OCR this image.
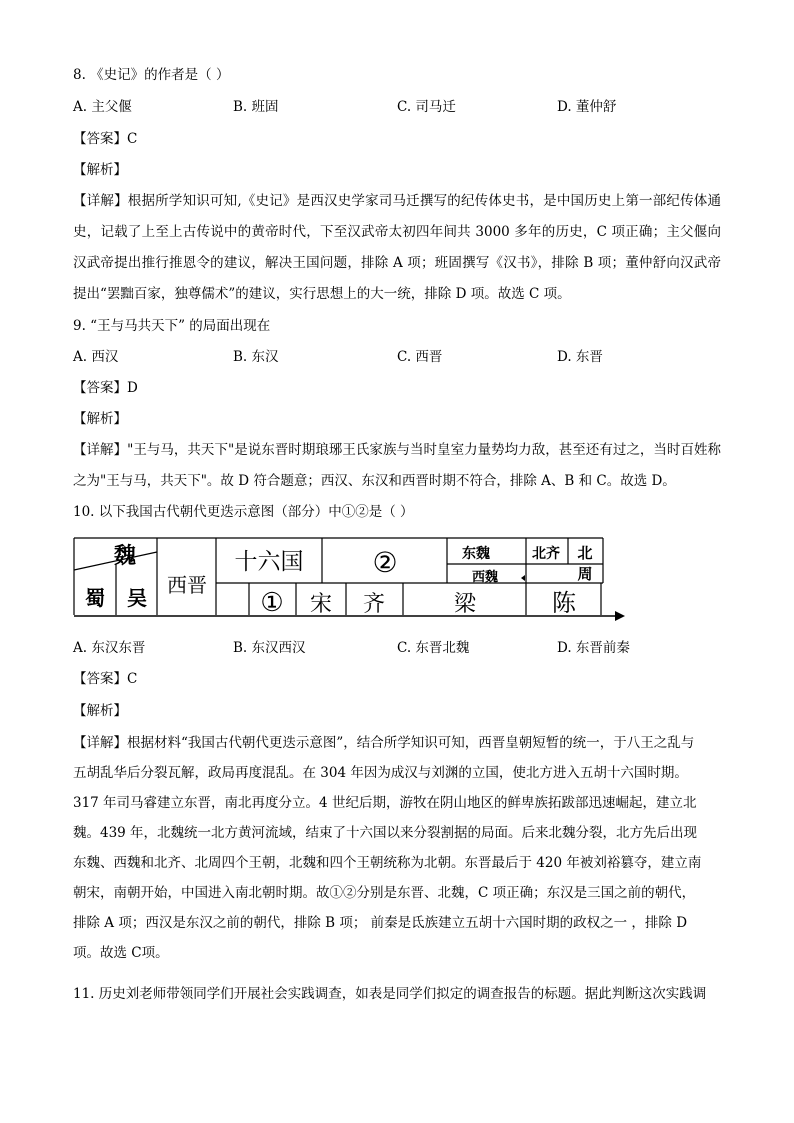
8. 《史记》的作者是（ ）
A. 主父偃	B. 班固	C. 司马迁	D. 董仲舒
【答案】C
【解析】
【详解】根据所学知识可知,《史记》是西汉史学家司马迁撰写的纪传体史书，是中国历史上第一部纪传体通史，记载了上至上古传说中的黄帝时代，下至汉武帝太初四年间共 3000 多年的历史，C 项正确；主父偃向汉武帝提出推行推恩令的建议，解决王国问题，排除 A 项；班固撰写《汉书》，排除 B 项；董仲舒向汉武帝提出“罢黜百家，独尊儒术”的建议，实行思想上的大一统，排除 D 项。故选 C 项。
9. “王与马共天下” 的局面出现在
A. 西汉	B. 东汉	C. 西晋	D. 东晋
【答案】D
【解析】
【详解】"王与马，共天下"是说东晋时期琅琊王氏家族与当时皇室力量势均力敌，甚至还有过之，当时百姓称之为"王与马，共天下"。故 D 符合题意；西汉、东汉和西晋时期不符合，排除 A、B 和 C。故选 D。
10. 以下我国古代朝代更迭示意图（部分）中①②是（ ）
魏
蜀 吴
西晋
十六国 ②
① 宋 齐	梁	陈
东魏	北齐
西魏
北
周
A. 东汉东晋	B. 东汉西汉	C. 东晋北魏	D. 东晋前秦
【答案】C
【解析】
【详解】根据材料“我国古代朝代更迭示意图”，结合所学知识可知，西晋皇朝短暂的统一，于八王之乱与
五胡乱华后分裂瓦解，政局再度混乱。在 304 年因为成汉与刘渊的立国，使北方进入五胡十六国时期。
317 年司马睿建立东晋，南北再度分立。4 世纪后期，游牧在阴山地区的鲜卑族拓跋部迅速崛起，建立北
魏。439 年，北魏统一北方黄河流域，结束了十六国以来分裂割据的局面。后来北魏分裂，北方先后出现
东魏、西魏和北齐、北周四个王朝，北魏和四个王朝统称为北朝。东晋最后于 420 年被刘裕篡夺，建立南
朝宋，南朝开始，中国进入南北朝时期。故①②分别是东晋、北魏，C 项正确；东汉是三国之前的朝代，
排除 A 项；西汉是东汉之前的朝代，排除 B 项； 前秦是氐族建立五胡十六国时期的政权之一 ，排除 D
项。故选 C项。
11. 历史刘老师带领同学们开展社会实践调查，如表是同学们拟定的调查报告的标题。据此判断这次实践调
